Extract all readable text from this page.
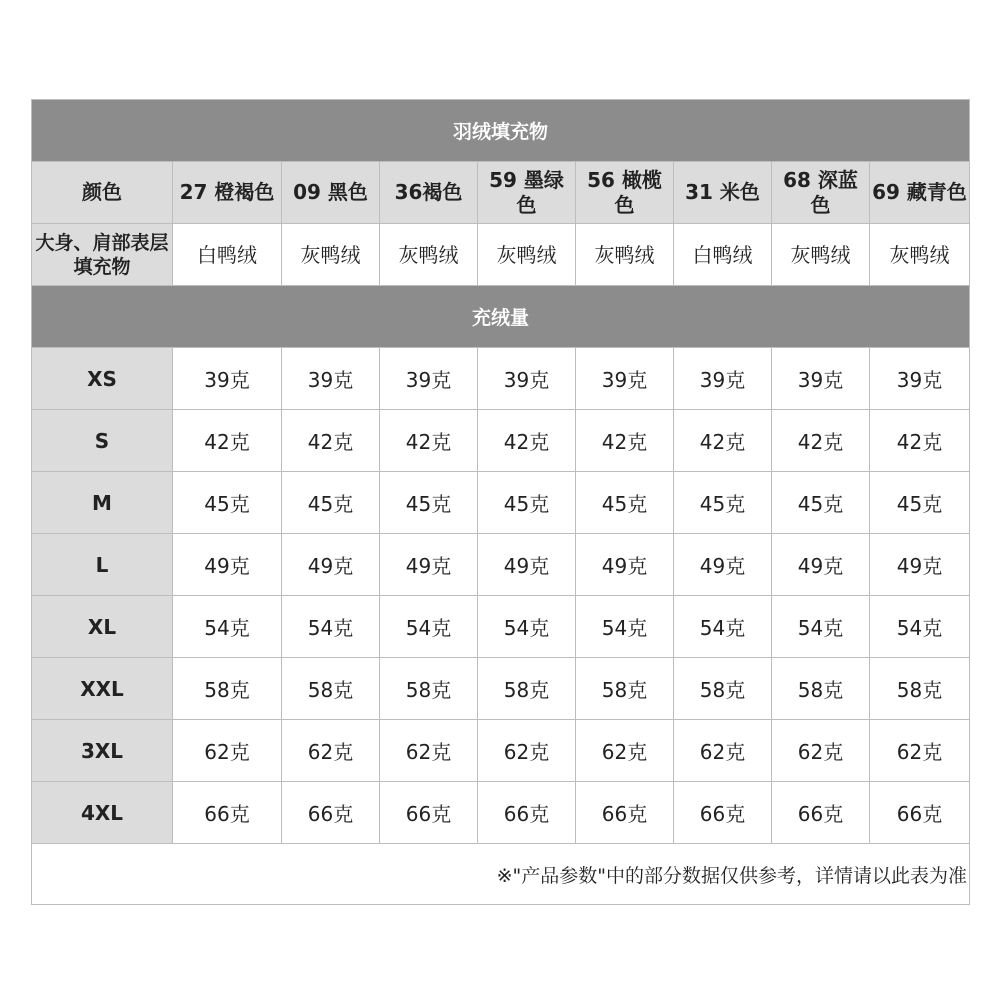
羽绒填充物								
颜色	27 橙褐色	09 黑色	36褐色	59 墨绿色	56 橄榄色	31 米色	68 深蓝色	69 藏青色
大身、肩部表层填充物	白鸭绒	灰鸭绒	灰鸭绒	灰鸭绒	灰鸭绒	白鸭绒	灰鸭绒	灰鸭绒
充绒量								
XS	39克	39克	39克	39克	39克	39克	39克	39克
S	42克	42克	42克	42克	42克	42克	42克	42克
M	45克	45克	45克	45克	45克	45克	45克	45克
L	49克	49克	49克	49克	49克	49克	49克	49克
XL	54克	54克	54克	54克	54克	54克	54克	54克
XXL	58克	58克	58克	58克	58克	58克	58克	58克
3XL	62克	62克	62克	62克	62克	62克	62克	62克
4XL	66克	66克	66克	66克	66克	66克	66克	66克
※"产品参数"中的部分数据仅供参考，详情请以此表为准								
